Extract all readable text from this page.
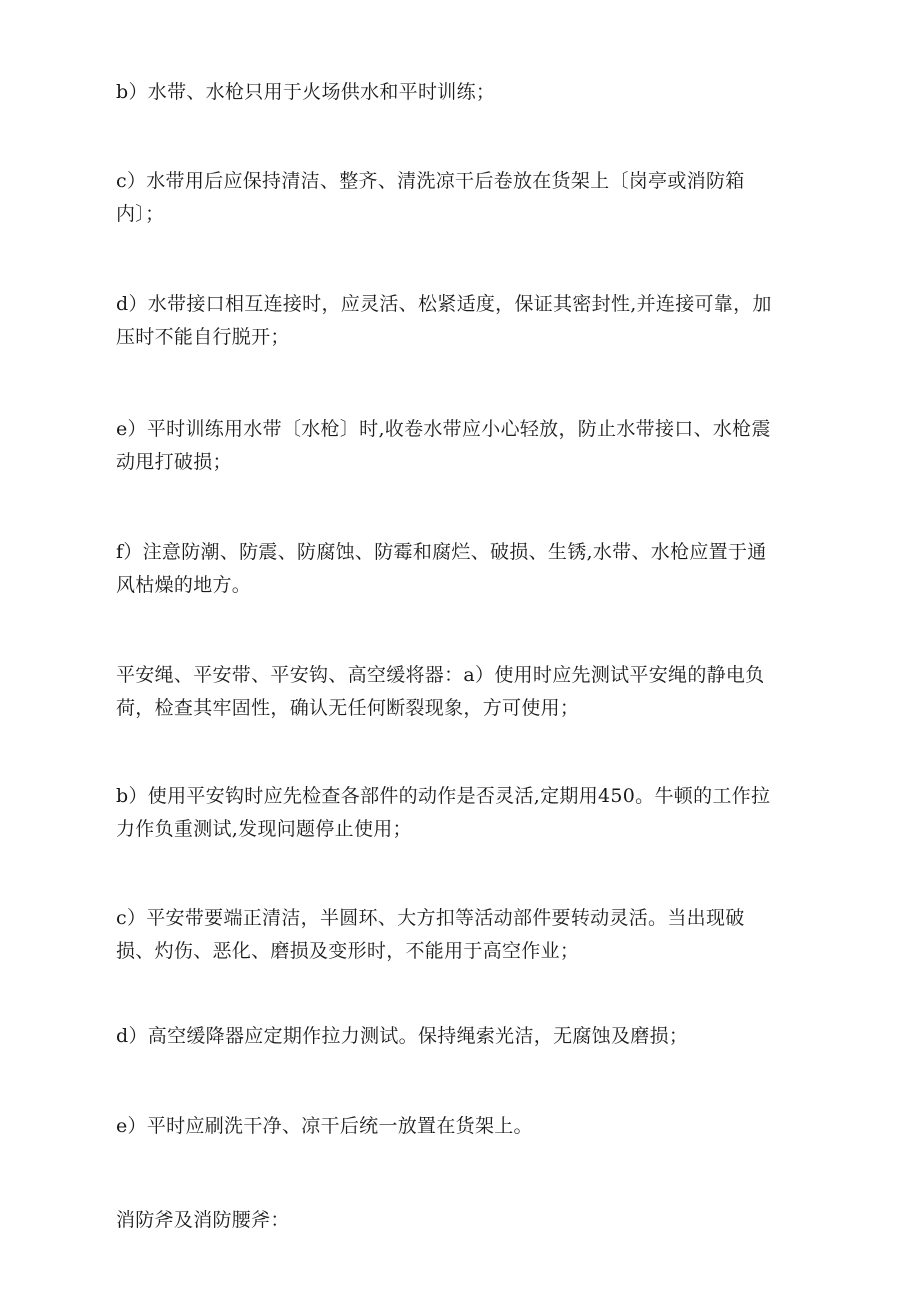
b）水带、水枪只用于火场供水和平时训练；

c）水带用后应保持清洁、整齐、清洗凉干后卷放在货架上〔岗亭或消防箱
内〕；

d）水带接口相互连接时，应灵活、松紧适度，保证其密封性,并连接可靠，加
压时不能自行脱开；

e）平时训练用水带〔水枪〕时,收卷水带应小心轻放，防止水带接口、水枪震
动甩打破损；

f）注意防潮、防震、防腐蚀、防霉和腐烂、破损、生锈,水带、水枪应置于通
风枯燥的地方。

平安绳、平安带、平安钩、高空缓将器：a）使用时应先测试平安绳的静电负
荷，检查其牢固性，确认无任何断裂现象，方可使用；

b）使用平安钩时应先检查各部件的动作是否灵活,定期用450。牛顿的工作拉
力作负重测试,发现问题停止使用；

c）平安带要端正清洁，半圆环、大方扣等活动部件要转动灵活。当出现破
损、灼伤、恶化、磨损及变形时，不能用于高空作业；

d）高空缓降器应定期作拉力测试。保持绳索光洁，无腐蚀及磨损；

e）平时应刷洗干净、凉干后统一放置在货架上。

消防斧及消防腰斧：
